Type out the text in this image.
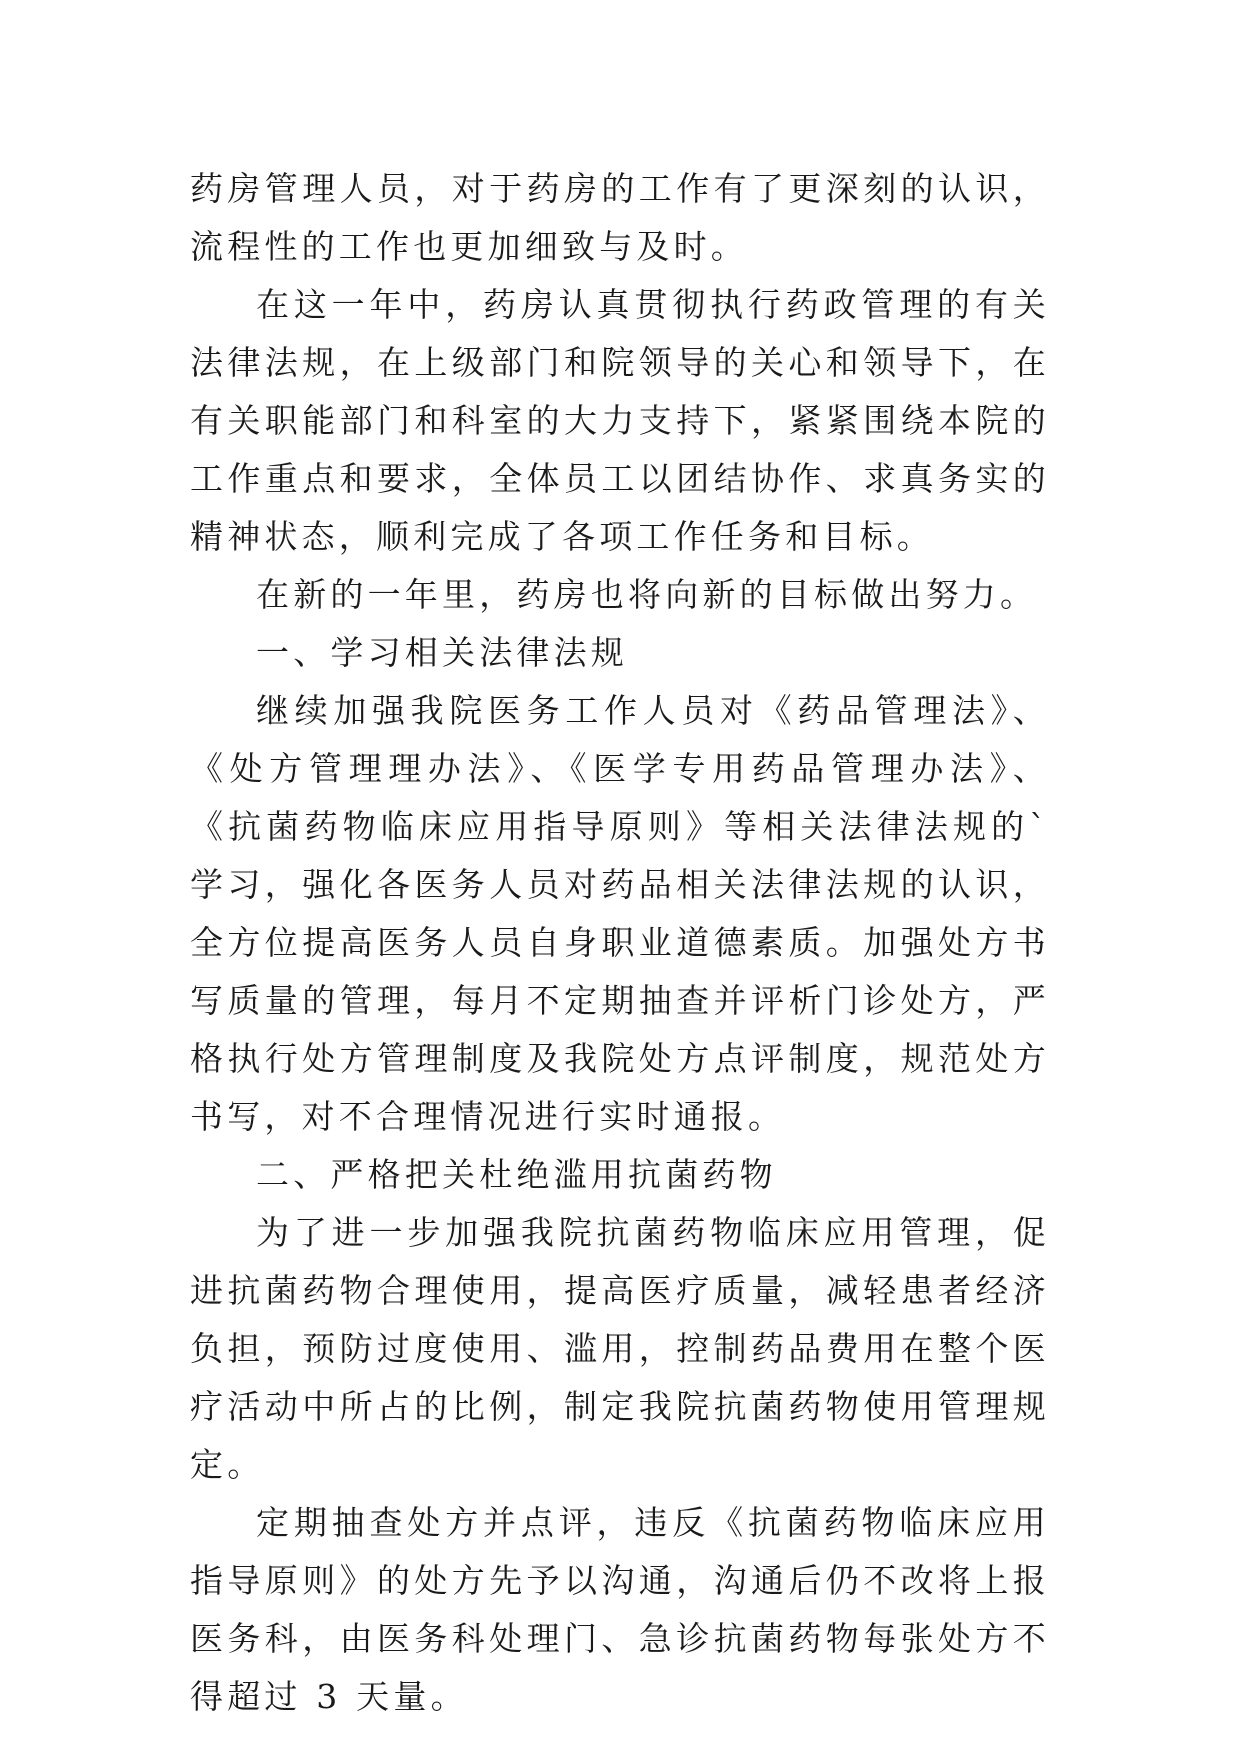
药房管理人员，对于药房的工作有了更深刻的认识，流程性的工作也更加细致与及时。

在这一年中，药房认真贯彻执行药政管理的有关法律法规，在上级部门和院领导的关心和领导下，在有关职能部门和科室的大力支持下，紧紧围绕本院的工作重点和要求，全体员工以团结协作、求真务实的精神状态，顺利完成了各项工作任务和目标。

在新的一年里，药房也将向新的目标做出努力。

一、学习相关法律法规

继续加强我院医务工作人员对《药品管理法》、《处方管理理办法》、《医学专用药品管理办法》、《抗菌药物临床应用指导原则》等相关法律法规的`学习，强化各医务人员对药品相关法律法规的认识，全方位提高医务人员自身职业道德素质。加强处方书写质量的管理，每月不定期抽查并评析门诊处方，严格执行处方管理制度及我院处方点评制度，规范处方书写，对不合理情况进行实时通报。

二、严格把关杜绝滥用抗菌药物

为了进一步加强我院抗菌药物临床应用管理，促进抗菌药物合理使用，提高医疗质量，减轻患者经济负担，预防过度使用、滥用，控制药品费用在整个医疗活动中所占的比例，制定我院抗菌药物使用管理规定。

定期抽查处方并点评，违反《抗菌药物临床应用指导原则》的处方先予以沟通，沟通后仍不改将上报医务科，由医务科处理门、急诊抗菌药物每张处方不得超过 3 天量。
